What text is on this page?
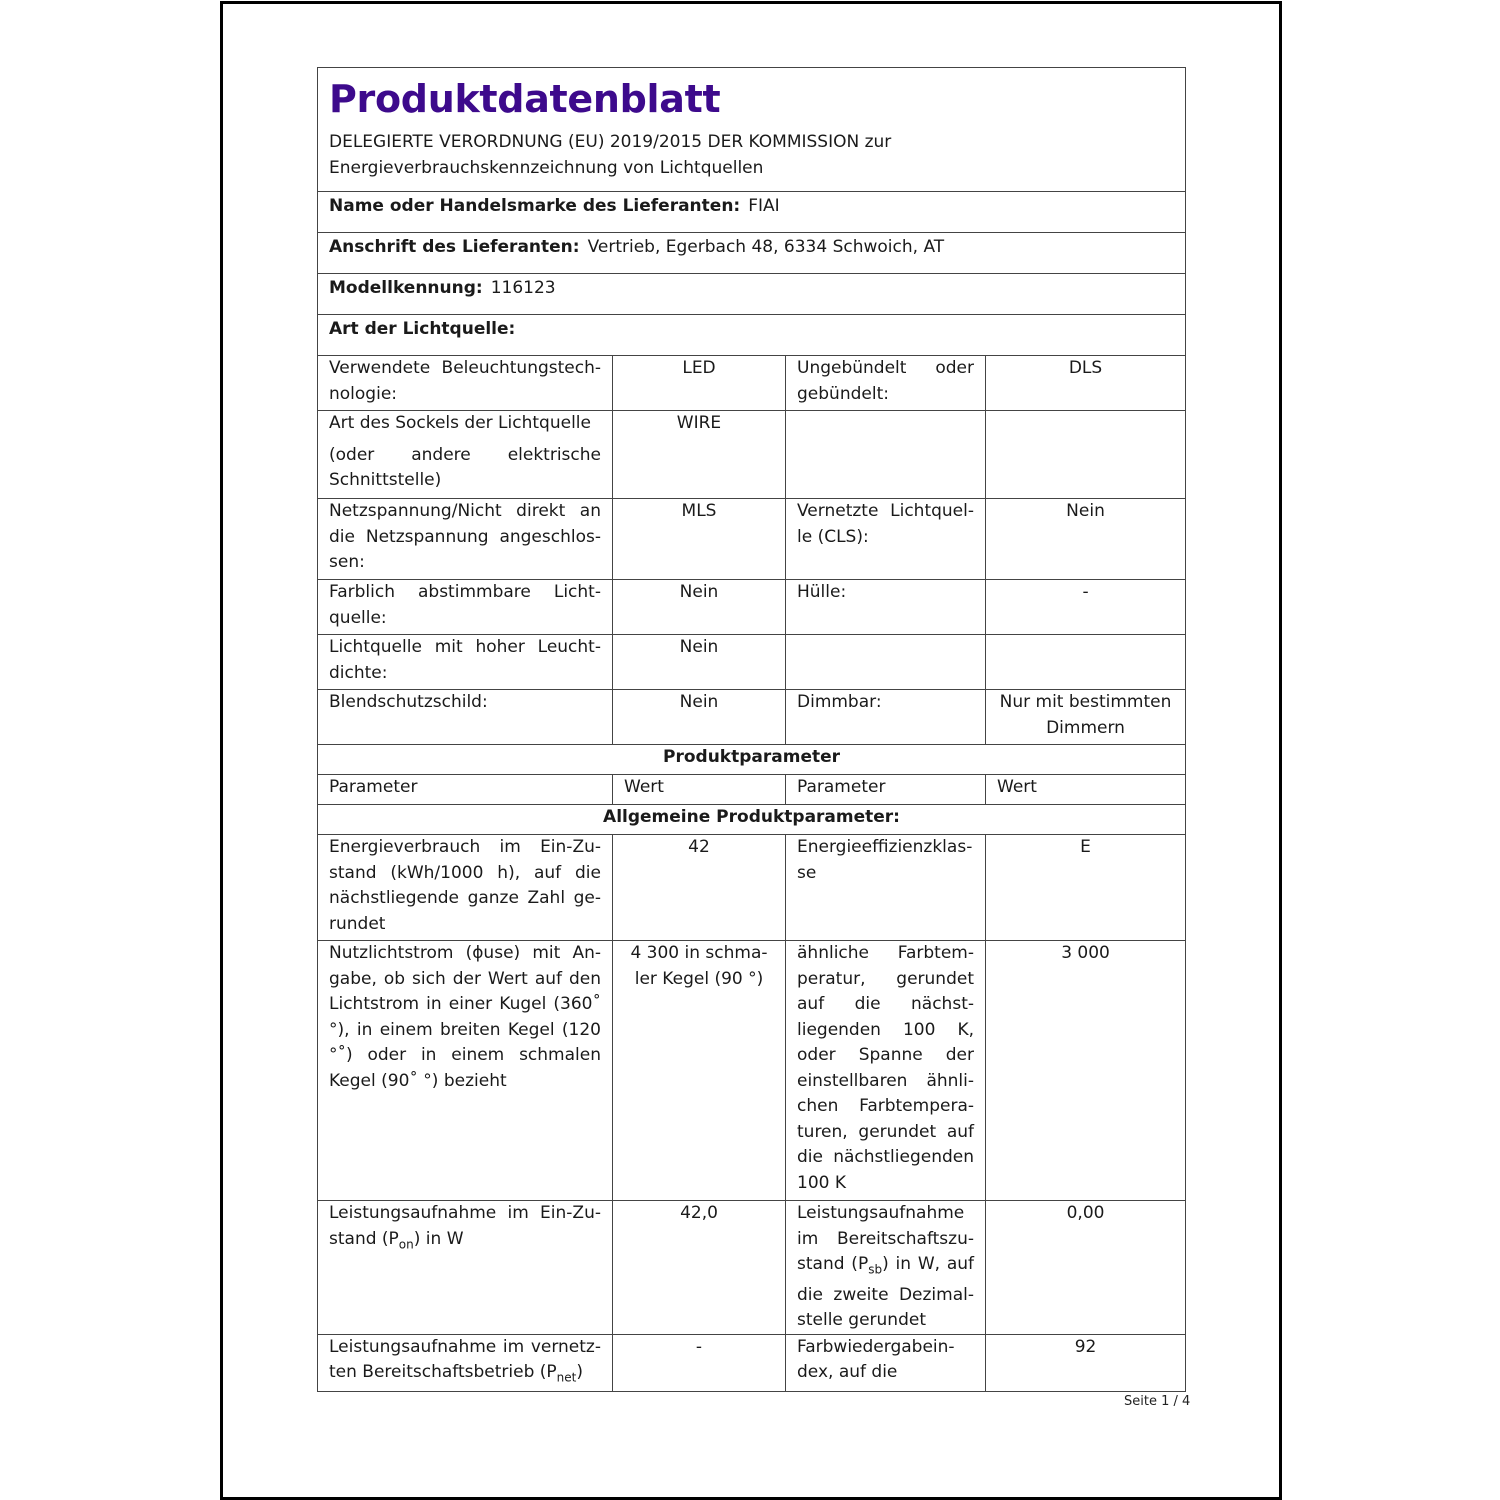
Produktdatenblatt
DELEGIERTE VERORDNUNG (EU) 2019/2015 DER KOMMISSION zur
Energieverbrauchskennzeichnung von Lichtquellen			

Name oder Handelsmarke des Lieferanten: FIAI			
Anschrift des Lieferanten: Vertrieb, Egerbach 48, 6334 Schwoich, AT			
Modellkennung: 116123			
Art der Lichtquelle:			
Verwendete Beleuchtungstechnologie:	LED	Ungebündelt oder gebündelt:	DLS

Art des Sockels der Lichtquelle
(oder andere elektrische Schnittstelle)	WIRE		
Netzspannung/Nicht direkt an die Netzspannung angeschlossen:	MLS	Vernetzte Lichtquelle (CLS):	Nein
Farblich abstimmbare Lichtquelle:	Nein	Hülle:	-
Lichtquelle mit hoher Leuchtdichte:	Nein		
Blendschutzschild:	Nein	Dimmbar:	Nur mit bestimmten Dimmern
Produktparameter			
Parameter	Wert	Parameter	Wert
Allgemeine Produktparameter:			
Energieverbrauch im Ein-Zustand (kWh/1000 h), auf die nächstliegende ganze Zahl gerundet	42	Energieeffizienzklasse	E
Nutzlichtstrom (ɸuse) mit Angabe, ob sich der Wert auf den Lichtstrom in einer Kugel (360˚ °), in einem breiten Kegel (120 °˚) oder in einem schmalen Kegel (90˚ °) bezieht	4 300 in schmaler Kegel (90 °)	ähnliche Farbtemperatur, gerundet auf die nächstliegenden 100 K, oder Spanne der einstellbaren ähnlichen Farbtemperaturen, gerundet auf die nächstliegenden 100 K	3 000
Leistungsaufnahme im Ein-Zustand $(P_{on})$ in W	42,0	Leistungsaufnahme im Bereitschaftszustand $(P_{sb})$ in W, auf die zweite Dezimalstelle gerundet	0,00
Leistungsaufnahme im vernetzten Bereitschaftsbetrieb $(P_{net})$	-	Farbwiedergabeindex, auf die	92
Seite 1 / 4
